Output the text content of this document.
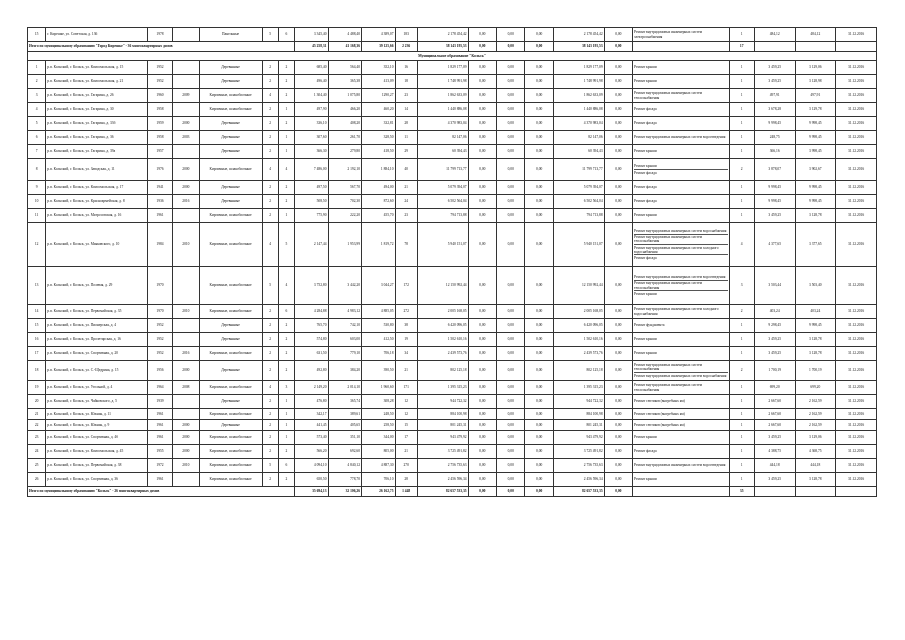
15	г. Кирешке, ул. Советская, д. 136	1978		Панельные	5	6	3 345,40	4 488,40	4 389,07	183	2 178 454,42	0,00	0,00	0,00	2 178 454,42	0,00	Ремонт внутридомовых инженерных систем электроснабжения	1	484,12	484,12	31.12.2016
Итого по муниципальному образованию "Город Кирешке" - 36 многоквартирных домов							45 258,31	41 168,36	39 125,66	2 236	38 143 195,53	0,00	0,00	0,00	38 143 195,53	0,00		17			
Муниципальное образование "Кольск"																					
1	р.п. Кольский, г. Кольск, ул. Комсомольская, д. 15	1952		Деревянные	2	2	685,40	564,40	352,10	16	1 829 177,09	0,00	0,00	0,00	1 829 177,09	0,00	Ремонт крыши	1	3 459,25	3 129,06	31.12.2016
2	р.п. Кольский, г. Кольск, ул. Комсомольская, д. 21	1952		Деревянные	2	2	496,40	365,38	413,09	18	1 748 991,98	0,00	0,00	0,00	1 748 991,98	0,00	Ремонт крыши	1	3 459,25	3 128,98	31.12.2016
3	р.п. Кольский, г. Кольск, ул. Гагарина, д. 26	1960	2009	Кирпичные, шлакоблочные	4	2	1 304,40	1 075,80	1290,27	23	1 862 633,09	0,00	0,00	0,00	1 862 633,09	0,00	Ремонт внутридомовых инженерных систем теплоснабжения	1	497,91	497,91	31.12.2016
4	р.п. Кольский, г. Кольск, ул. Гагарина, д. 30	1958		Кирпичные, шлакоблочные	2	1	497,90	466,20	460,20	14	1 440 886,08	0,00	0,00	0,00	1 440 886,08	0,00	Ремонт фасада	1	3 678,28	3 129,78	31.12.2016
5	р.п. Кольский, г. Кольск, ул. Гагарина, д. 33б	1959	2000	Деревянные	2	2	336,10	408,20	332,81	28	4 370 983,04	0,00	0,00	0,00	4 370 983,04	0,00	Ремонт фасада	1	9 998,45	9 998,45	31.12.2016
6	р.п. Кольский, г. Кольск, ул. Гагарина, д. 36	1958	2003	Деревянные	2	1	307,60	261,70	328,50	11	82 147,06	0,00	0,00	0,00	82 147,06	0,00	Ремонт внутридомовых инженерных систем водоотведения	1	248,75	9 998,45	31.12.2016
7	р.п. Кольский, г. Кольск, ул. Гагарина, д. 39а	1957		Деревянные	2	1	366,30	279,80	418,50	29	60 394,43	0,00	0,00	0,00	60 394,43	0,00	Ремонт крыши	1	366,16	3 998,45	31.12.2016
8	р.п. Кольский, г. Кольск, ул. Заводская, д. 11	1976	2000	Кирпичные, шлакоблочные	4	4	7 486,00	2 192,10	1 884,10	40	11 799 713,77	0,00	0,00	0,00	11 799 713,77	0,00	Ремонт крыши
Ремонт фасада	2	3 878,07	3 902,67	31.12.2016
9	р.п. Кольский, г. Кольск, ул. Комсомольская, д. 17	1941	2000	Деревянные	2	2	497,50	567,70	494,00	21	5 079 394,07	0,00	0,00	0,00	5 079 394,07	0,00	Ремонт фасада	1	9 998,45	9 998,45	31.12.2016
10	р.п. Кольский, г. Кольск, ул. Красноармейская, д. 8	1936	2016	Деревянные	2	2	508,50	702,30	872,60	24	6 502 564,04	0,00	0,00	0,00	6 502 564,04	0,00	Ремонт фасада	1	9 998,45	9 998,45	31.12.2016
11	р.п. Кольский, г. Кольск, ул. Матросовская, д. 16	1961		Кирпичные, шлакоблочные	2	1	775,90	222,20	455,70	23	794 713,88	0,00	0,00	0,00	794 713,88	0,00	Ремонт крыши	1	3 459,25	3 128,78	31.12.2016
12	р.п. Кольский, г. Кольск, ул. Маяковского, д. 10	1984	2010	Кирпичные, шлакоблочные	4	5	2 147,44	1 953,99	1 819,72	78	5 940 151,07	0,00	0,00	0,00	5 940 151,07	0,00	Ремонт внутридомовых инженерных систем водоснабжения
Ремонт внутридомовых инженерных систем теплоснабжения
Ремонт внутридомовых инженерных систем холодного водоснабжения
Ремонт фасада	4	4 377,65	3 377,65	31.12.2016
13	р.п. Кольский, г. Кольск, ул. Полевая, д. 29	1970		Кирпичные, шлакоблочные	5	4	3 752,80	3 442,20	3 044,27	172	12 150 992,44	0,00	0,00	0,00	12 150 992,44	0,00	Ремонт внутридомовых инженерных систем водоотведения
Ремонт внутридомовых инженерных систем теплоснабжения
Ремонт крыши	3	3 503,44	3 503,40	31.12.2016
14	р.п. Кольский, г. Кольск, ул. Первомайская, д. 35	1970	2010	Кирпичные, шлакоблочные	2	6	4 284,88	4 983,12	4 885,05	272	2 005 168,05	0,00	0,00	0,00	2 005 168,05	0,00	Ремонт внутридомовых инженерных систем холодного водоснабжения	2	403,24	403,24	31.12.2016
15	р.п. Кольский, г. Кольск, ул. Пионерская, д. 4	1952		Деревянные	2	2	765,70	742,10	530,80	38	6 420 096,05	0,00	0,00	0,00	6 420 096,05	0,00	Ремонт фундамента	1	9 298,45	9 998,45	31.12.2016
16	р.п. Кольский, г. Кольск, ул. Пролетарская, д. 16	1952		Деревянные	2	2	574,80	603,00	412,50	19	1 502 610,16	0,00	0,00	0,00	1 502 610,16	0,00	Ремонт крыши	1	3 459,25	3 128,78	31.12.2016
17	р.п. Кольский, г. Кольск, ул. Спортивная, д. 20	1952	2016	Кирпичные, шлакоблочные	2	2	631,50	779,10	706,18	34	2 439 573,76	0,00	0,00	0,00	2 439 573,76	0,00	Ремонт крыши	1	3 459,25	3 128,78	31.12.2016
18	р.п. Кольский, г. Кольск, ул. С.-Щедрина, д. 15	1956	2000	Деревянные	2	2	492,80	384,20	390,50	21	802 125,18	0,00	0,00	0,00	802 125,18	0,00	Ремонт внутридомовых инженерных систем теплоснабжения
Ремонт внутридомовых инженерных систем водоснабжения	2	1 700,19	1 700,19	31.12.2016
19	р.п. Кольский, г. Кольск, ул. Угольной, д. 4	1964	2008	Кирпичные, шлакоблочные	4	3	2 149,20	2 014,10	1 960,60	171	1 395 315,23	0,00	0,00	0,00	1 395 315,23	0,00	Ремонт внутридомовых инженерных систем теплоснабжения	1	699,20	699,20	31.12.2016
20	р.п. Кольский, г. Кольск, ул. Чайковского, д. 5	1939		Деревянные	2	1	476,80	365,74	308,28	12	944 722,32	0,00	0,00	0,00	944 722,32	0,00	Ремонт септиков (выгребных ям)	1	2 667,60	2 162,59	31.12.2016
21	р.п. Кольский, г. Кольск, ул. Южная, д. 11	1961		Кирпичные, шлакоблочные	2	1	342,17	389,61	248,50	12	884 100,98	0,00	0,00	0,00	884 100,98	0,00	Ремонт септиков (выгребных ям)	1	2 667,60	2 162,59	31.12.2016
22	р.п. Кольский, г. Кольск, ул. Южная, д. 9	1961	2000	Деревянные	2	1	441,45	405,65	258,50	15	801 245,31	0,00	0,00	0,00	801 245,31	0,00	Ремонт септиков (выгребных ям)	1	2 667,60	2 162,59	31.12.2016
23	р.п. Кольский, г. Кольск, ул. Спортивная, д. 4б	1961	2000	Кирпичные, шлакоблочные	2	1	573,40	351,10	344,00	17	943 479,92	0,00	0,00	0,00	943 479,92	0,00	Ремонт крыши	1	3 459,25	3 129,06	31.12.2016
24	р.п. Кольский, г. Кольск, ул. Комсомольская, д. 45	1955	2000	Кирпичные, шлакоблочные	2	2	566,20	692,60	805,00	21	3 725 491,82	0,00	0,00	0,00	3 725 491,82	0,00	Ремонт фасада	1	4 388,75	4 368,75	31.12.2016
25	р.п. Кольский, г. Кольск, ул. Первомайская, д. 38	1972	2010	Кирпичные, шлакоблочные	5	6	4 094,10	4 840,12	4 887,30	270	2 756 735,63	0,00	0,00	0,00	2 756 735,63	0,00	Ремонт внутридомовых инженерных систем водоотведения	1	444,18	444,18	31.12.2016
26	р.п. Кольский, г. Кольск, ул. Спортивная, д. 36	1961		Кирпичные, шлакоблочные	2	2	650,50	778,70	706,10	28	2 456 596,34	0,00	0,00	0,00	2 456 596,34	0,00	Ремонт крыши	1	3 459,25	3 128,78	31.12.2016
Итого по муниципальному образованию "Кольск" - 26 многоквартирных домов							35 694,13	32 106,26	26 162,75	1 448	82 657 533,35	0,00	0,00	0,00	82 657 533,35	0,00		35			
